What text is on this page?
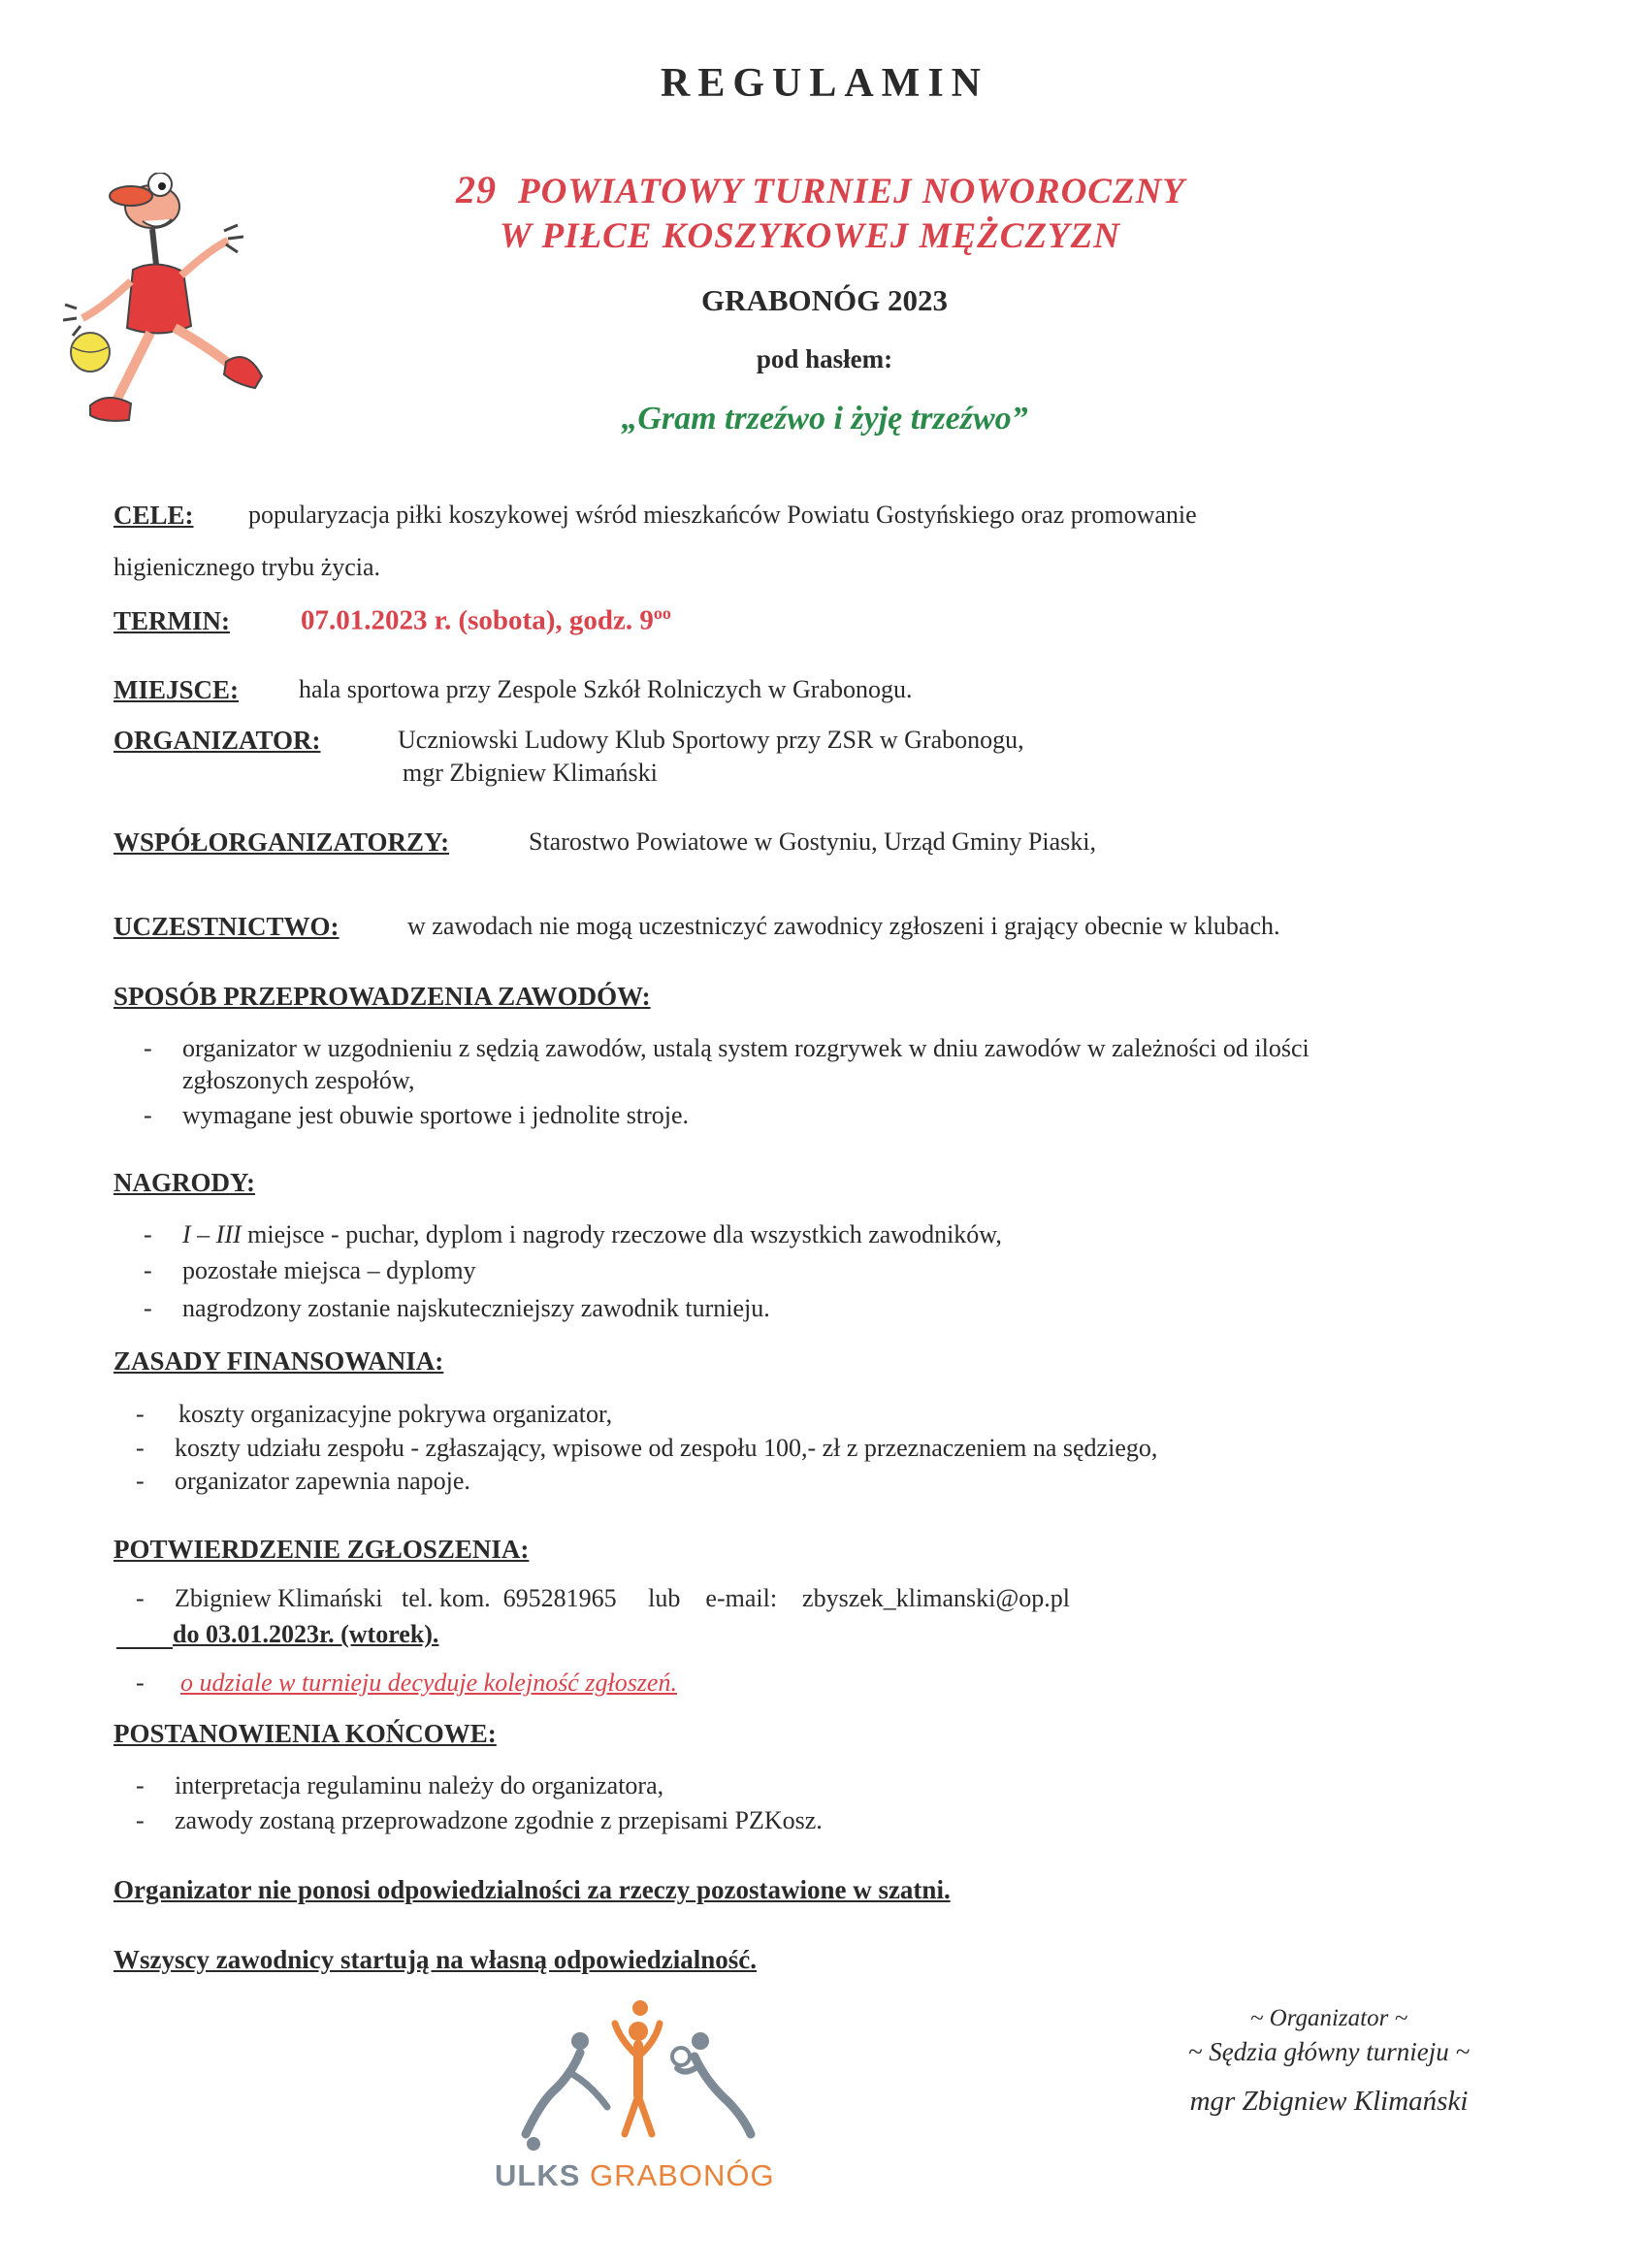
REGULAMIN
29 POWIATOWY TURNIEJ NOWOROCZNY
W PIŁCE KOSZYKOWEJ MĘŻCZYZN
GRABONÓG 2023
pod hasłem:
„Gram trzeźwo i żyję trzeźwo”
CELE: popularyzacja piłki koszykowej wśród mieszkańców Powiatu Gostyńskiego oraz promowanie
higienicznego trybu życia.
TERMIN:	07.01.2023 r. (sobota), godz. $9^{oo}$
MIEJSCE: hala sportowa przy Zespole Szkół Rolniczych w Grabonogu.
ORGANIZATOR:	Uczniowski Ludowy Klub Sportowy przy ZSR w Grabonogu,
mgr Zbigniew Klimański
WSPÓŁORGANIZATORZY:	Starostwo Powiatowe w Gostyniu, Urząd Gminy Piaski,
UCZESTNICTWO:	w zawodach nie mogą uczestniczyć zawodnicy zgłoszeni i grający obecnie w klubach.
SPOSÓB PRZEPROWADZENIA ZAWODÓW:
- organizator w uzgodnieniu z sędzią zawodów, ustalą system rozgrywek w dniu zawodów w zależności od ilości
zgłoszonych zespołów,
- wymagane jest obuwie sportowe i jednolite stroje.
NAGRODY:
- I – III miejsce - puchar, dyplom i nagrody rzeczowe dla wszystkich zawodników,
- pozostałe miejsca – dyplomy
- nagrodzony zostanie najskuteczniejszy zawodnik turnieju.
ZASADY FINANSOWANIA:
- koszty organizacyjne pokrywa organizator,
- koszty udziału zespołu - zgłaszający, wpisowe od zespołu 100,- zł z przeznaczeniem na sędziego,
- organizator zapewnia napoje.
POTWIERDZENIE ZGŁOSZENIA:
- Zbigniew Klimański   tel. kom.  695281965     lub    e-mail:    zbyszek_klimanski@op.pl
do 03.01.2023r. (wtorek).
- o udziale w turnieju decyduje kolejność zgłoszeń.
POSTANOWIENIA KOŃCOWE:
- interpretacja regulaminu należy do organizatora,
- zawody zostaną przeprowadzone zgodnie z przepisami PZKosz.
Organizator nie ponosi odpowiedzialności za rzeczy pozostawione w szatni.
Wszyscy zawodnicy startują na własną odpowiedzialność.
~ Organizator ~
~ Sędzia główny turnieju ~
mgr Zbigniew Klimański
ULKS GRABONÓG
